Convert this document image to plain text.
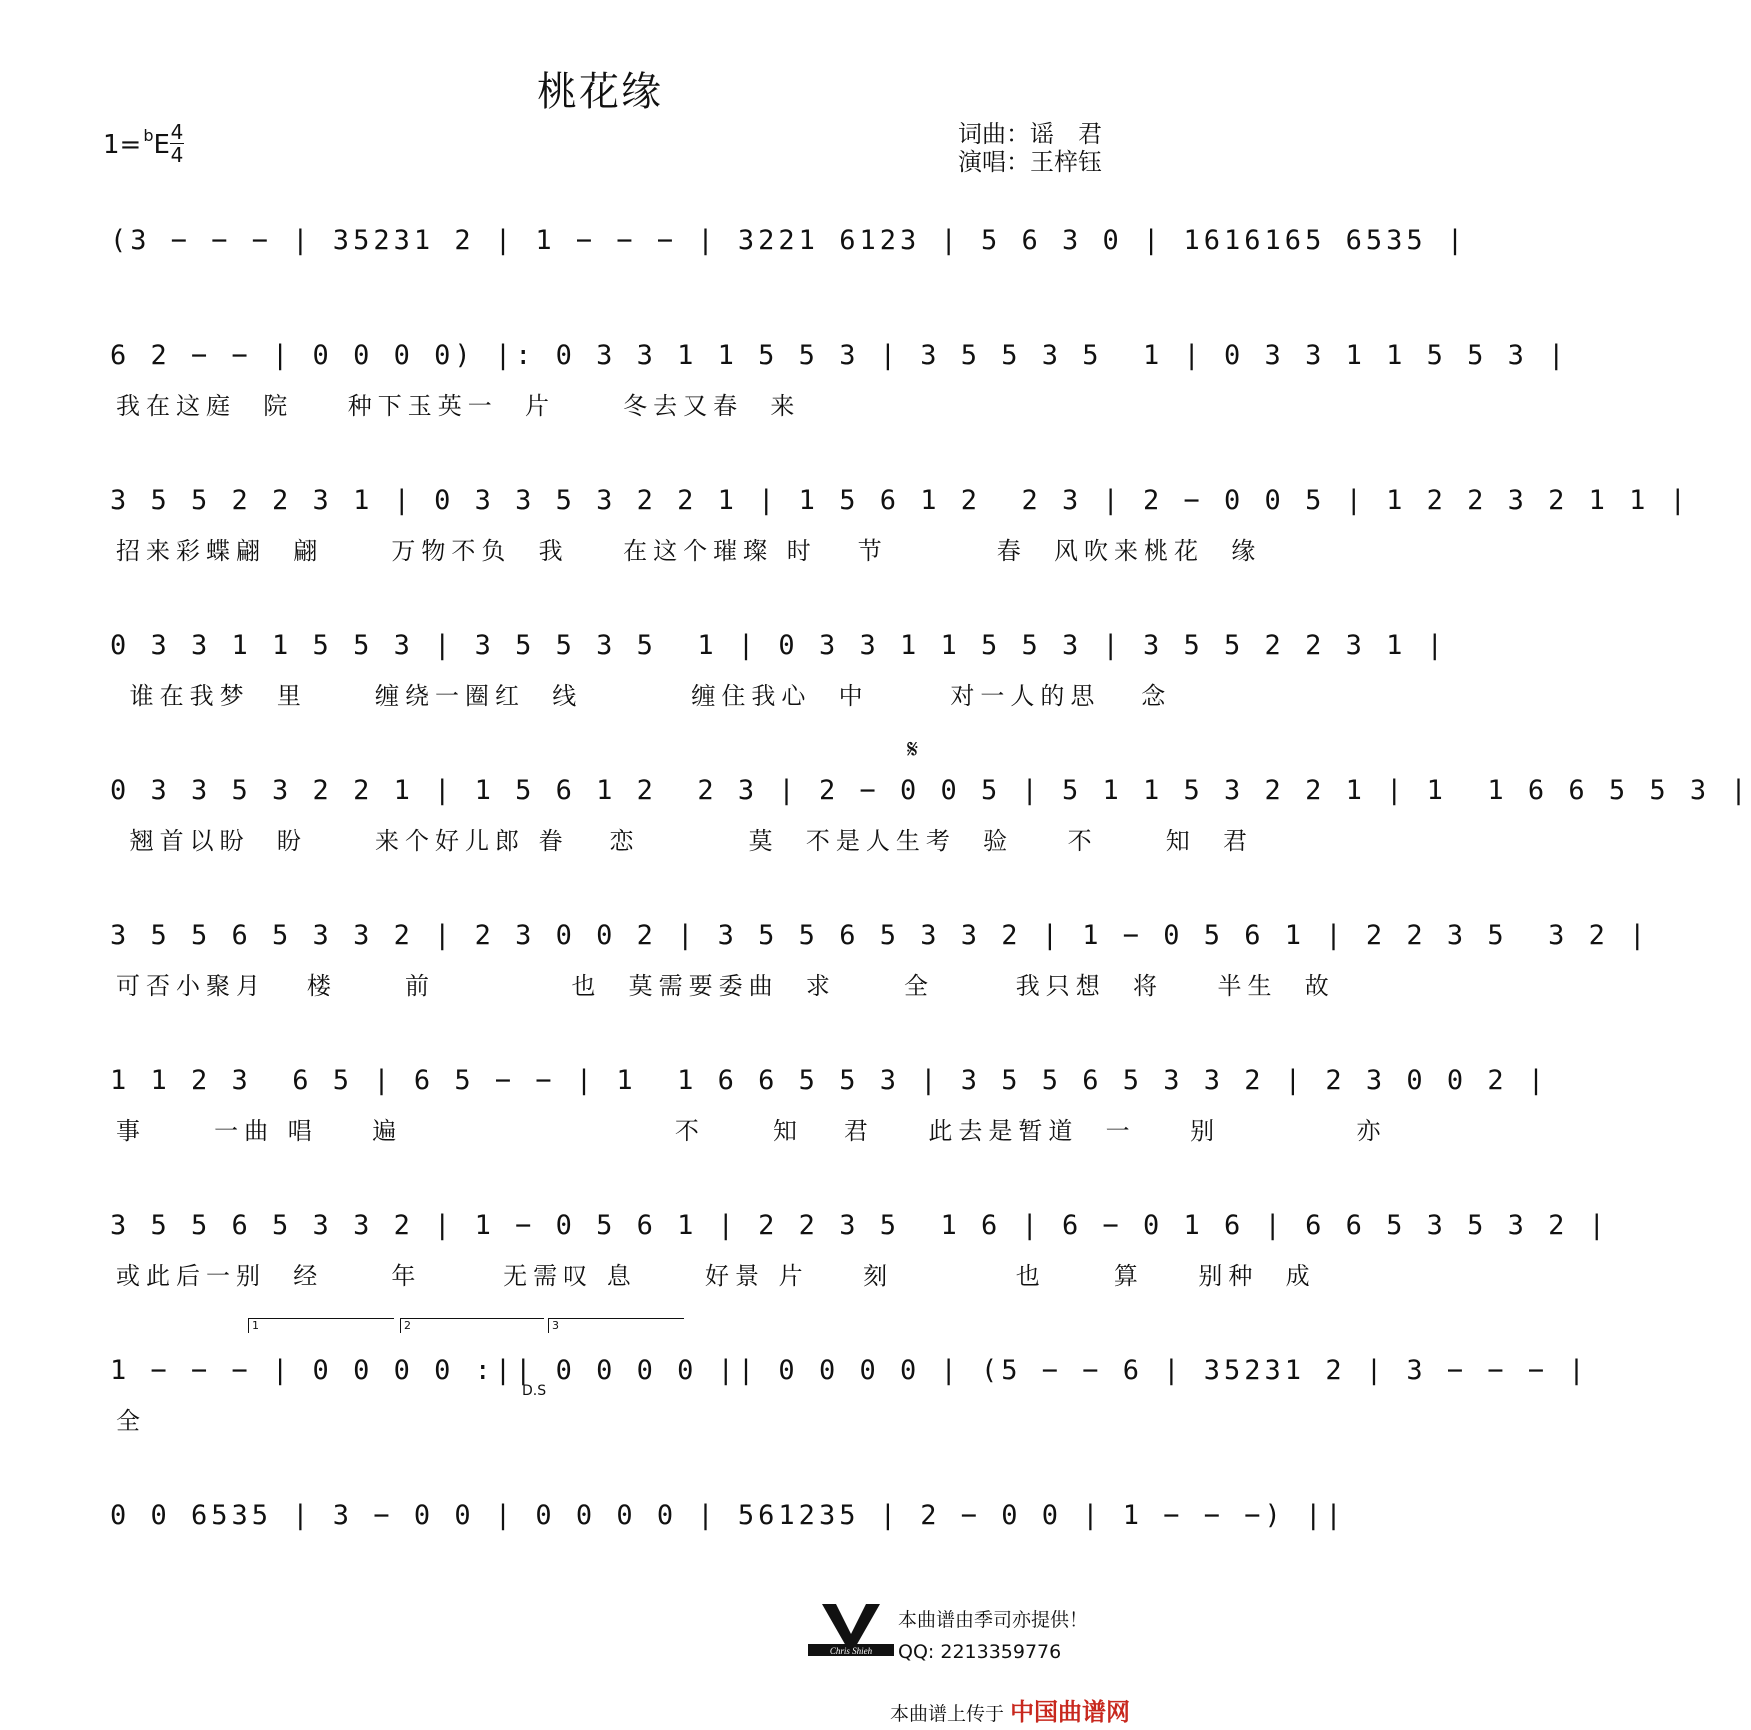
桃花缘
1= $^b$E 4
4
词曲：谣　君
演唱：王梓钰
(3 − − − | 35231 2 | 1 − − − | 3221 6123 | 5 6 3 0 | 1616165 6535 |
6 2 − − | 0 0 0 0) |: 0 3 3 1 1 5 5 3 | 3 5 5 3 5  1 | 0 3 3 1 1 5 5 3 |
我在这庭  院    种下玉英一  片     冬去又春  来
3 5 5 2 2 3 1 | 0 3 3 5 3 2 2 1 | 1 5 6 1 2  2 3 | 2 − 0 0 5 | 1 2 2 3 2 1 1 |
招来彩蝶翩  翩     万物不负  我    在这个璀璨 时   节        春  风吹来桃花  缘
0 3 3 1 1 5 5 3 | 3 5 5 3 5  1 | 0 3 3 1 1 5 5 3 | 3 5 5 2 2 3 1 |
谁在我梦  里     缠绕一圈红  线        缠住我心  中      对一人的思   念
0 3 3 5 3 2 2 1 | 1 5 6 1 2  2 3 | 2 − 0 0 5 | 5 1 1 5 3 2 2 1 | 1  1 6 6 5 5 3 |
翘首以盼  盼     来个好儿郎 眷   恋        莫  不是人生考  验    不     知  君
3 5 5 6 5 3 3 2 | 2 3 0 0 2 | 3 5 5 6 5 3 3 2 | 1 − 0 5 6 1 | 2 2 3 5  3 2 |
可否小聚月   楼     前          也  莫需要委曲  求     全      我只想  将    半生  故
1 1 2 3  6 5 | 6 5 − − | 1  1 6 6 5 5 3 | 3 5 5 6 5 3 3 2 | 2 3 0 0 2 |
事     一曲 唱    遍                    不     知   君    此去是暂道  一    别          亦
3 5 5 6 5 3 3 2 | 1 − 0 5 6 1 | 2 2 3 5  1 6 | 6 − 0 1 6 | 6 6 5 3 5 3 2 |
或此后一别  经     年      无需叹 息     好景 片    刻         也     算    别种  成
1 − − − | 0 0 0 0 :|| 0 0 0 0 || 0 0 0 0 | (5 − − 6 | 35231 2 | 3 − − − |
全
0 0 6535 | 3 − 0 0 | 0 0 0 0 | 561235 | 2 − 0 0 | 1 − − −) ||
1	2	3
𝄋
D.S
Chris Shieh
本曲谱由季司亦提供！
QQ: 2213359776
本曲谱上传于 中国曲谱网
